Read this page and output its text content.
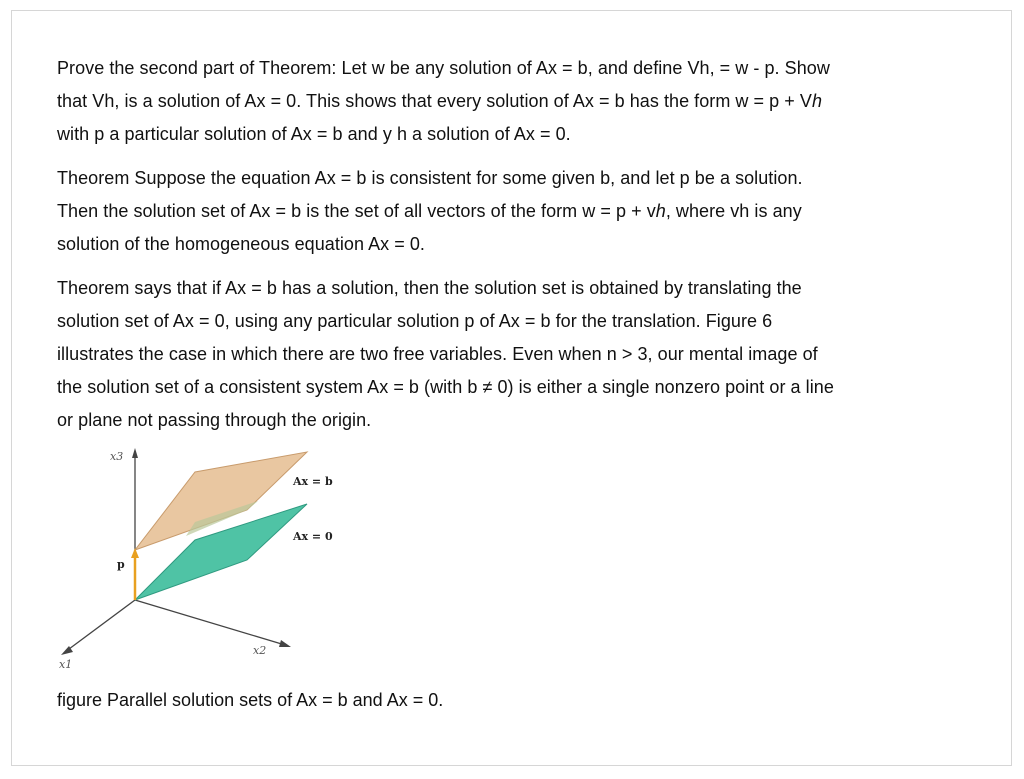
Prove the second part of Theorem: Let w be any solution of Ax = b, and define Vh, = w - p. Show
that Vh, is a solution of Ax = 0. This shows that every solution of Ax = b has the form w = p + Vh
with p a particular solution of Ax = b and y h a solution of Ax = 0.

Theorem Suppose the equation Ax = b is consistent for some given b, and let p be a solution.
Then the solution set of Ax = b is the set of all vectors of the form w = p + vh, where vh is any
solution of the homogeneous equation Ax = 0.

Theorem says that if Ax = b has a solution, then the solution set is obtained by translating the
solution set of Ax = 0, using any particular solution p of Ax = b for the translation. Figure 6
illustrates the case in which there are two free variables. Even when n > 3, our mental image of
the solution set of a consistent system Ax = b (with b ≠ 0) is either a single nonzero point or a line
or plane not passing through the origin.

Ax = b
Ax = 0
p
x3
x2
x1

figure Parallel solution sets of Ax = b and Ax = 0.
